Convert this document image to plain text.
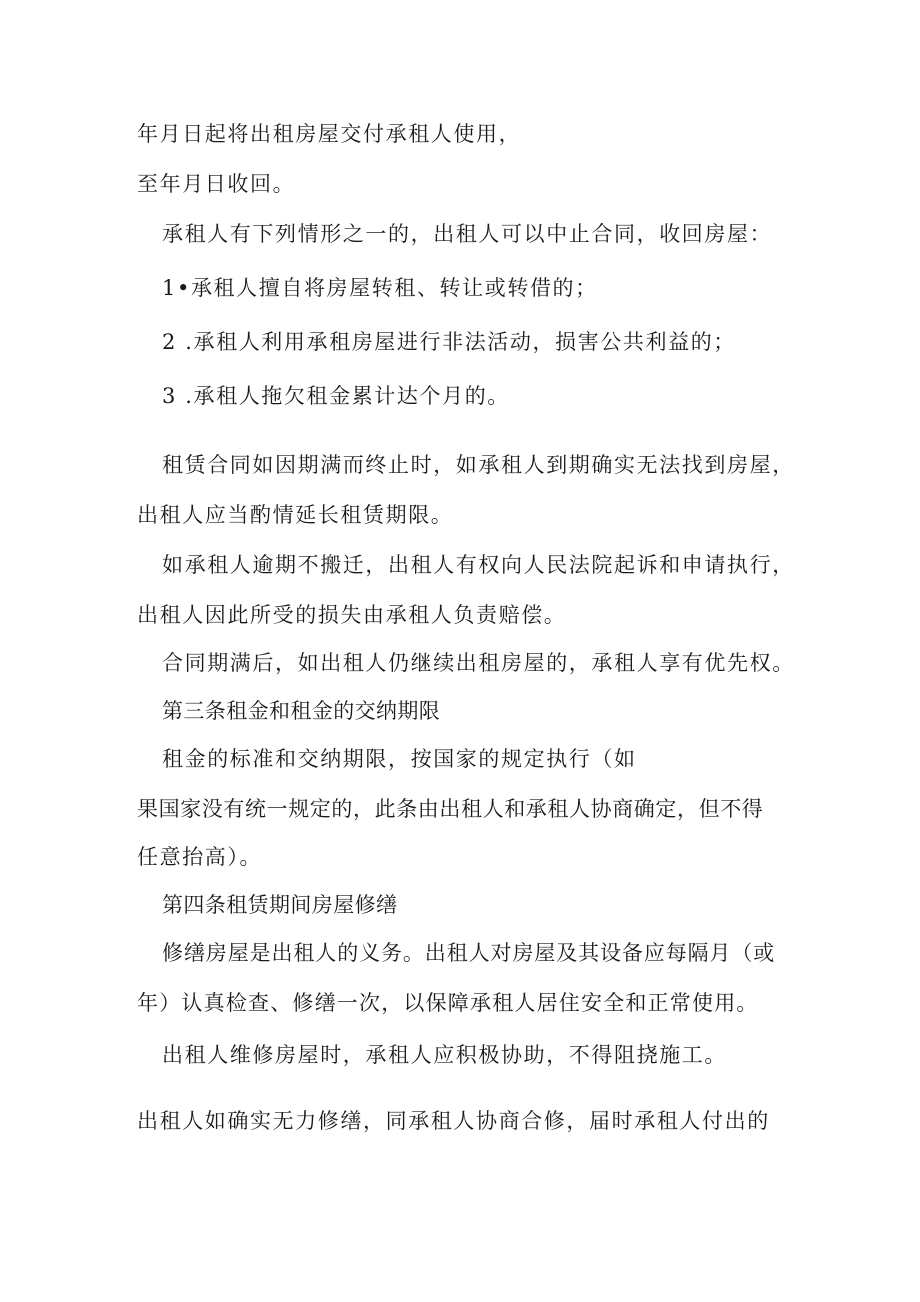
年月日起将出租房屋交付承租人使用，
至年月日收回。
承租人有下列情形之一的，出租人可以中止合同，收回房屋：
1•承租人擅自将房屋转租、转让或转借的；
2 .承租人利用承租房屋进行非法活动，损害公共利益的；
3 .承租人拖欠租金累计达个月的。
租赁合同如因期满而终止时，如承租人到期确实无法找到房屋，
出租人应当酌情延长租赁期限。
如承租人逾期不搬迁，出租人有权向人民法院起诉和申请执行，
出租人因此所受的损失由承租人负责赔偿。
合同期满后，如出租人仍继续出租房屋的，承租人享有优先权。
第三条租金和租金的交纳期限
租金的标准和交纳期限，按国家的规定执行（如
果国家没有统一规定的，此条由出租人和承租人协商确定，但不得
任意抬高）。
第四条租赁期间房屋修缮
修缮房屋是出租人的义务。出租人对房屋及其设备应每隔月（或
年）认真检查、修缮一次，以保障承租人居住安全和正常使用。
出租人维修房屋时，承租人应积极协助，不得阻挠施工。
出租人如确实无力修缮，同承租人协商合修，届时承租人付出的
